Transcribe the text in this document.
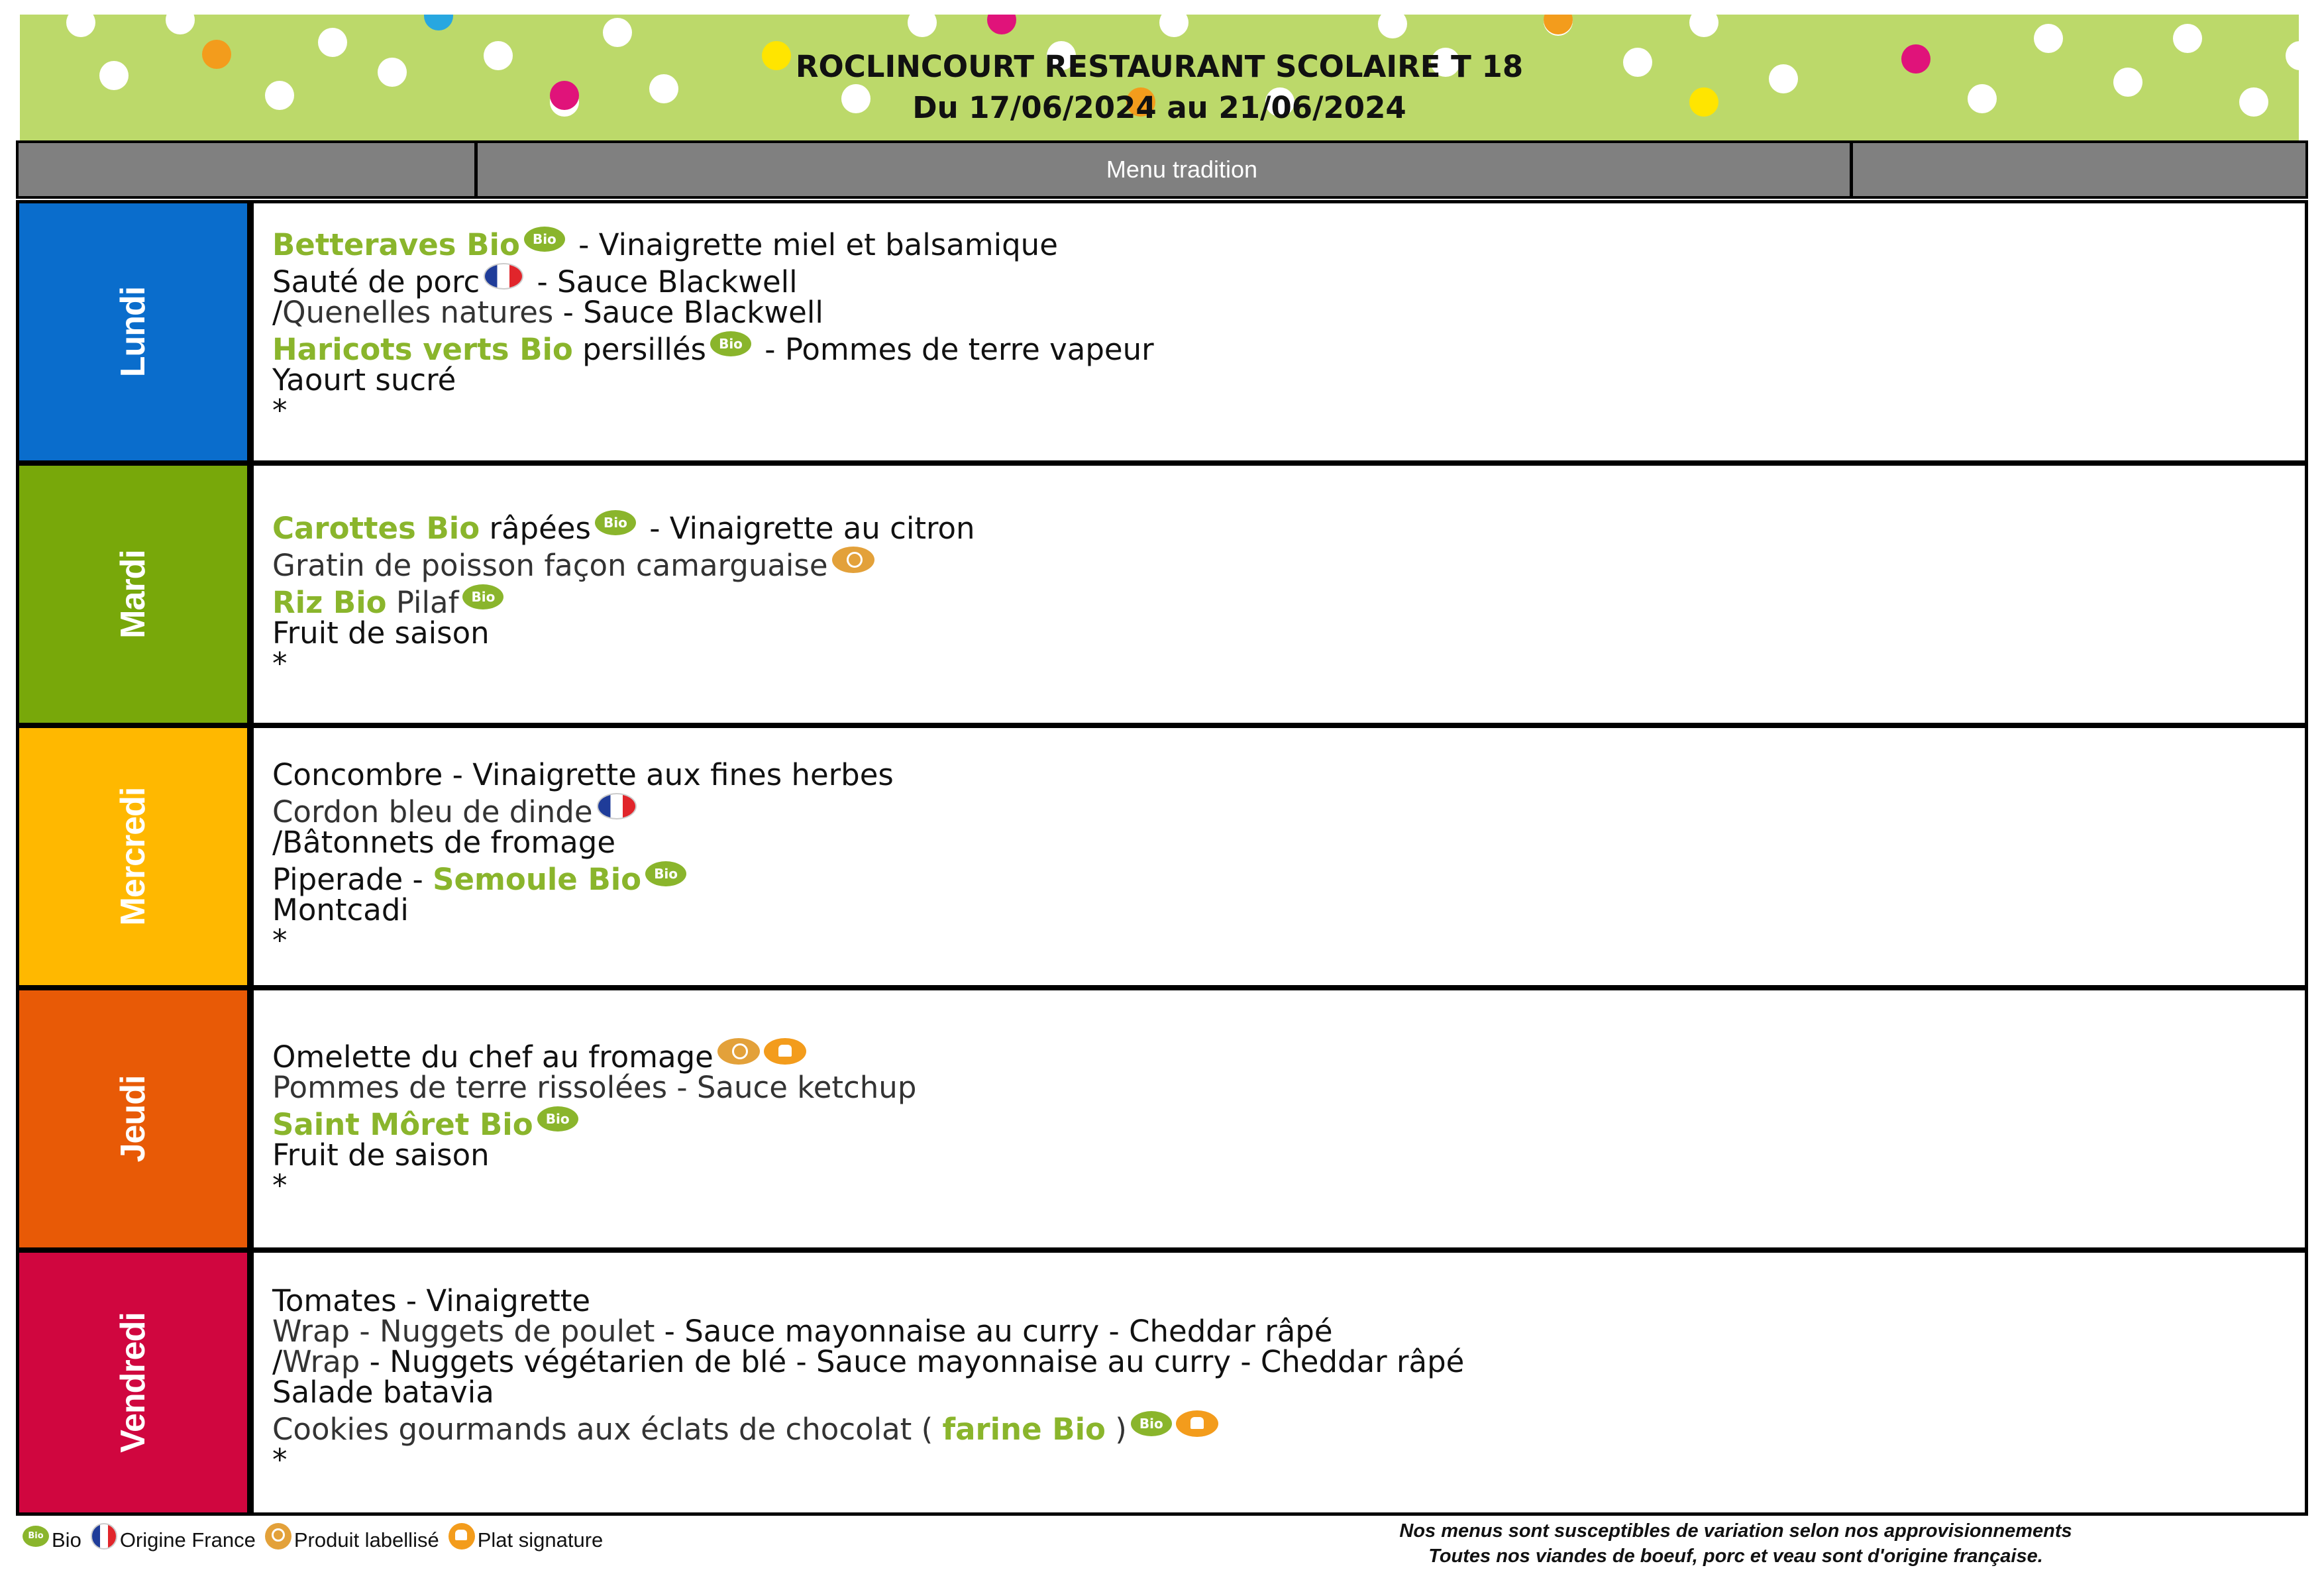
ROCLINCOURT RESTAURANT SCOLAIRE T 18
Du 17/06/2024 au 21/06/2024
Menu tradition
Lundi
Betteraves Bio Bio - Vinaigrette miel et balsamique
Sauté de porc - Sauce Blackwell
/Quenelles natures - Sauce Blackwell
Haricots verts Bio persillés Bio - Pommes de terre vapeur
Yaourt sucré
*
Mardi
Carottes Bio râpées Bio - Vinaigrette au citron
Gratin de poisson façon camarguaise
Riz Bio Pilaf Bio
Fruit de saison
*
Mercredi
Concombre - Vinaigrette aux fines herbes
Cordon bleu de dinde
/Bâtonnets de fromage
Piperade - Semoule Bio Bio
Montcadi
*
Jeudi
Omelette du chef au fromage
Pommes de terre rissolées - Sauce ketchup
Saint Môret Bio Bio
Fruit de saison
*
Vendredi
Tomates - Vinaigrette
Wrap - Nuggets de poulet - Sauce mayonnaise au curry - Cheddar râpé
/Wrap - Nuggets végétarien de blé - Sauce mayonnaise au curry - Cheddar râpé
Salade batavia
Cookies gourmands aux éclats de chocolat ( farine Bio ) Bio
*
Bio Bio Origine France Produit labellisé Plat signature	Nos menus sont susceptibles de variation selon nos approvisionnements
Toutes nos viandes de boeuf, porc et veau sont d'origine française.
